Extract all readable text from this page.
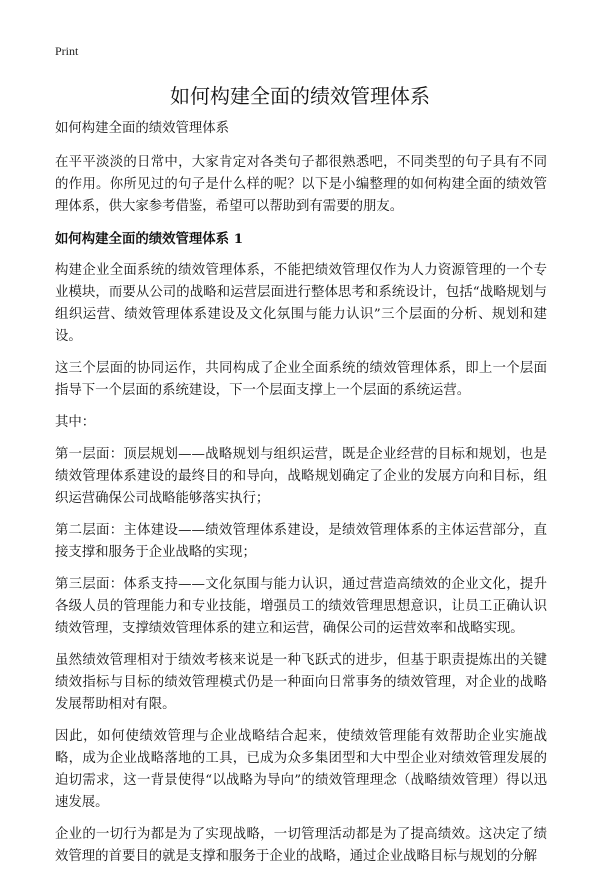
Print
如何构建全面的绩效管理体系

如何构建全面的绩效管理体系

在平平淡淡的日常中，大家肯定对各类句子都很熟悉吧，不同类型的句子具有不同的作用。你所见过的句子是什么样的呢？以下是小编整理的如何构建全面的绩效管理体系，供大家参考借鉴，希望可以帮助到有需要的朋友。

如何构建全面的绩效管理体系 1

构建企业全面系统的绩效管理体系，不能把绩效管理仅作为人力资源管理的一个专业模块，而要从公司的战略和运营层面进行整体思考和系统设计，包括“战略规划与组织运营、绩效管理体系建设及文化氛围与能力认识”三个层面的分析、规划和建设。

这三个层面的协同运作，共同构成了企业全面系统的绩效管理体系，即上一个层面指导下一个层面的系统建设，下一个层面支撑上一个层面的系统运营。

其中：

第一层面：顶层规划——战略规划与组织运营，既是企业经营的目标和规划，也是绩效管理体系建设的最终目的和导向，战略规划确定了企业的发展方向和目标，组织运营确保公司战略能够落实执行；

第二层面：主体建设——绩效管理体系建设，是绩效管理体系的主体运营部分，直接支撑和服务于企业战略的实现；

第三层面：体系支持——文化氛围与能力认识，通过营造高绩效的企业文化，提升各级人员的管理能力和专业技能，增强员工的绩效管理思想意识，让员工正确认识绩效管理，支撑绩效管理体系的建立和运营，确保公司的运营效率和战略实现。

虽然绩效管理相对于绩效考核来说是一种飞跃式的进步，但基于职责提炼出的关键绩效指标与目标的绩效管理模式仍是一种面向日常事务的绩效管理，对企业的战略发展帮助相对有限。

因此，如何使绩效管理与企业战略结合起来，使绩效管理能有效帮助企业实施战略，成为企业战略落地的工具，已成为众多集团型和大中型企业对绩效管理发展的迫切需求，这一背景使得“以战略为导向”的绩效管理理念（战略绩效管理）得以迅速发展。

企业的一切行为都是为了实现战略，一切管理活动都是为了提高绩效。这决定了绩效管理的首要目的就是支撑和服务于企业的战略，通过企业战略目标与规划的分解
